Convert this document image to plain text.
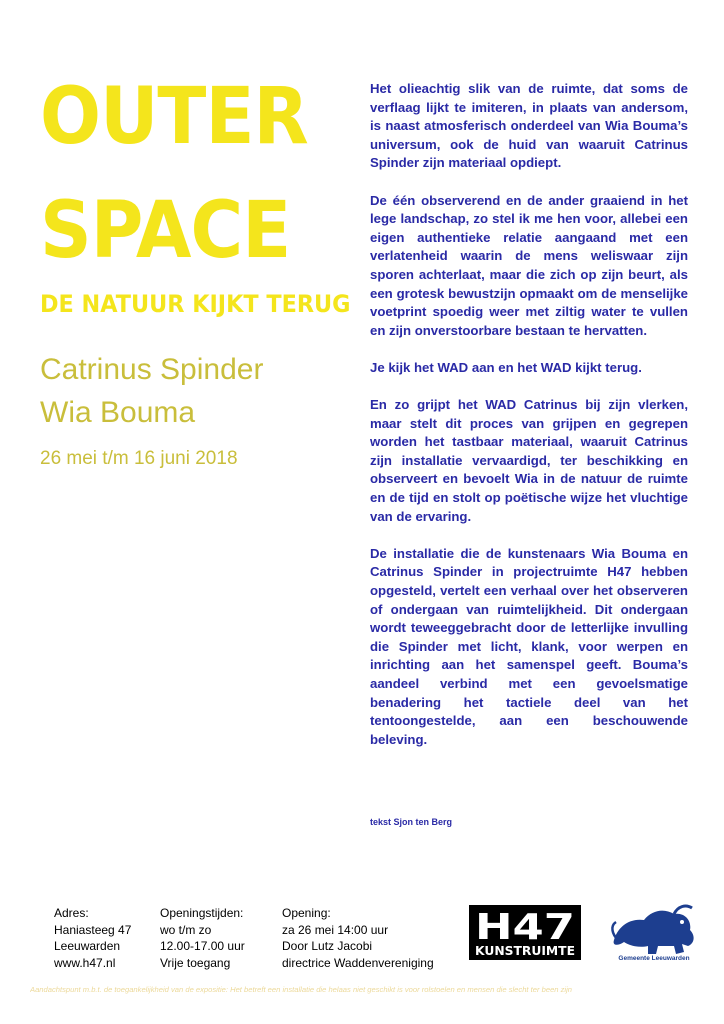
OUTER
SPACE
DE NATUUR KIJKT TERUG

Catrinus Spinder

Wia Bouma

26 mei t/m 16 juni 2018

Het olieachtig slik van de ruimte, dat soms de verflaag lijkt te imiteren, in plaats van andersom, is naast atmosferisch onderdeel van Wia Bouma’s universum, ook de huid van waaruit Catrinus Spinder zijn materiaal opdiept.

De één observerend en de ander graaiend in het lege landschap, zo stel ik me hen voor, allebei een eigen authentieke relatie aangaand met een verlatenheid waarin de mens weliswaar zijn sporen achterlaat, maar die zich op zijn beurt, als een grotesk bewustzijn opmaakt om de menselijke voetprint spoedig weer met ziltig water te vullen en zijn onverstoorbare bestaan te hervatten.

Je kijk het WAD aan en het WAD kijkt terug.

En zo grijpt het WAD Catrinus bij zijn vlerken, maar stelt dit proces van grijpen en gegrepen worden het tastbaar materiaal, waaruit Catrinus zijn installatie vervaardigd, ter beschikking en observeert en bevoelt Wia in de natuur de ruimte en de tijd en stolt op poëtische wijze het vluchtige van de ervaring.

De installatie die de kunstenaars Wia Bouma en Catrinus Spinder in projectruimte H47 hebben opgesteld, vertelt een verhaal over het observeren of ondergaan van ruimtelijkheid. Dit ondergaan wordt teweeggebracht door de letterlijke invulling die Spinder met licht, klank, voor werpen en inrichting aan het samenspel geeft. Bouma’s aandeel verbind met een gevoelsmatige benadering het tactiele deel van het tentoongestelde, aan een beschouwende beleving.

tekst Sjon ten Berg

Adres:
Haniasteeg 47
Leeuwarden
www.h47.nl
Openingstijden:
wo t/m zo
12.00-17.00 uur
Vrije toegang
Opening:
za 26 mei 14:00 uur
Door Lutz Jacobi
directrice Waddenvereniging
H47
KUNSTRUIMTE

Gemeente Leeuwarden

Aandachtspunt m.b.t. de toegankelijkheid van de expositie: Het betreft een installatie die helaas niet geschikt is voor rolstoelen en mensen die slecht ter been zijn
